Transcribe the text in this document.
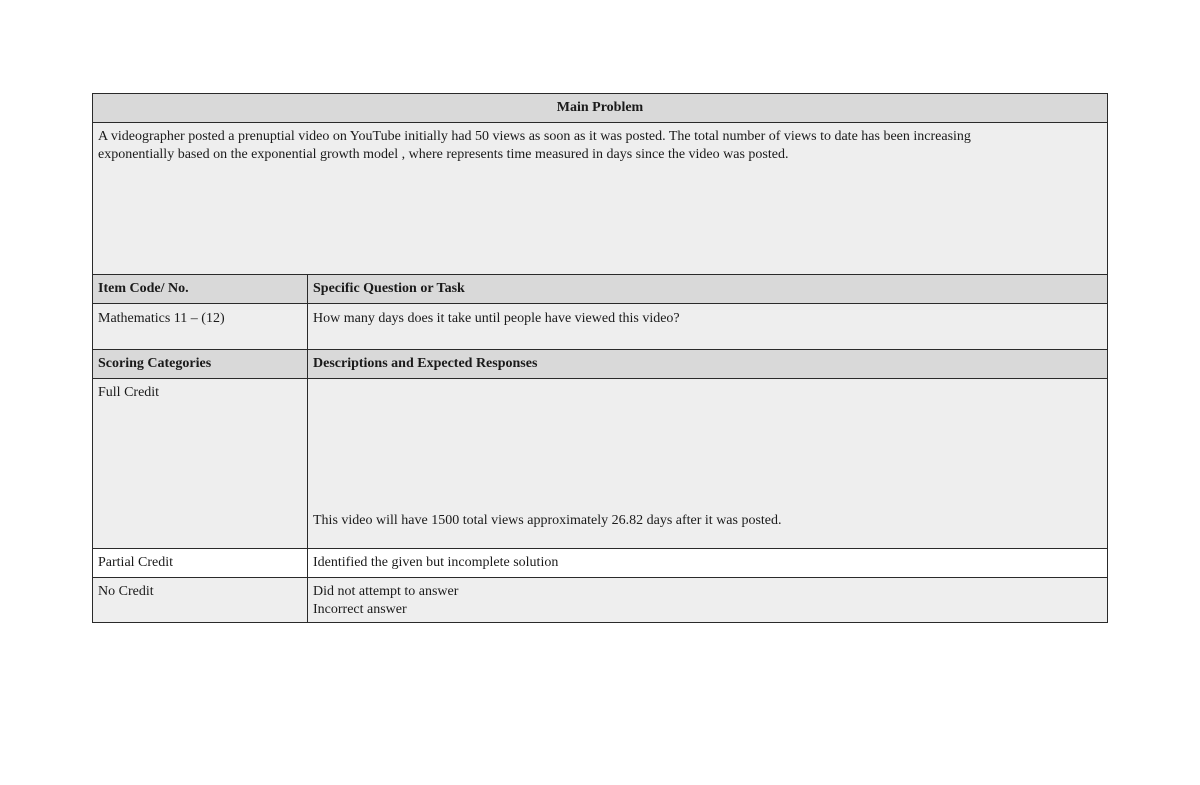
Main Problem	

A videographer posted a prenuptial video on YouTube initially had 50 views as soon as it was posted. The total number of views to date has been increasing
exponentially based on the exponential growth model , where represents time measured in days since the video was posted.	

Item Code/ No.	Specific Question or Task
Mathematics 11 – (12)	How many days does it take until people have viewed this video?
Scoring Categories	Descriptions and Expected Responses
Full Credit	This video will have 1500 total views approximately 26.82 days after it was posted.

Partial Credit	Identified the given but incomplete solution

No Credit	Did not attempt to answer
Incorrect answer
